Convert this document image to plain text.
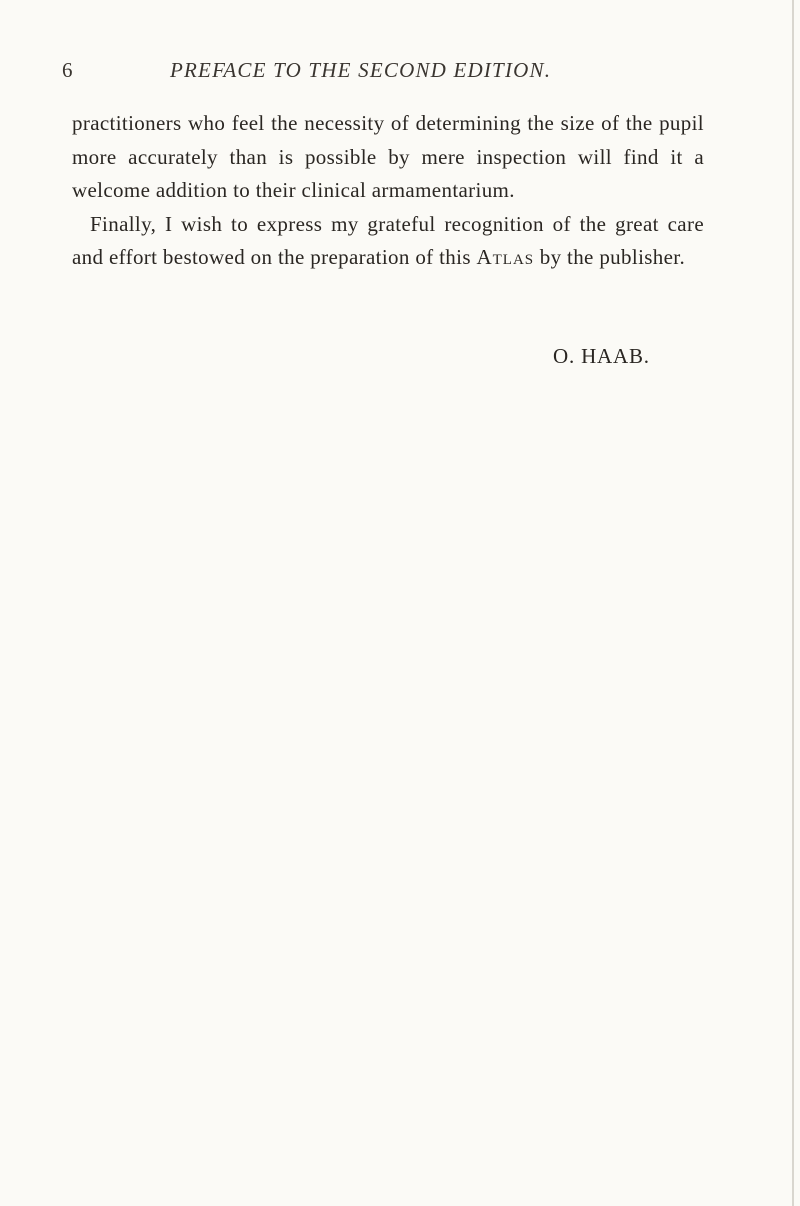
6	PREFACE TO THE SECOND EDITION.

practitioners who feel the necessity of determining the size of the pupil more accurately than is possible by mere inspection will find it a welcome addition to their clinical armamentarium.

Finally, I wish to express my grateful recognition of the great care and effort bestowed on the preparation of this Atlas by the publisher.

O. HAAB.
